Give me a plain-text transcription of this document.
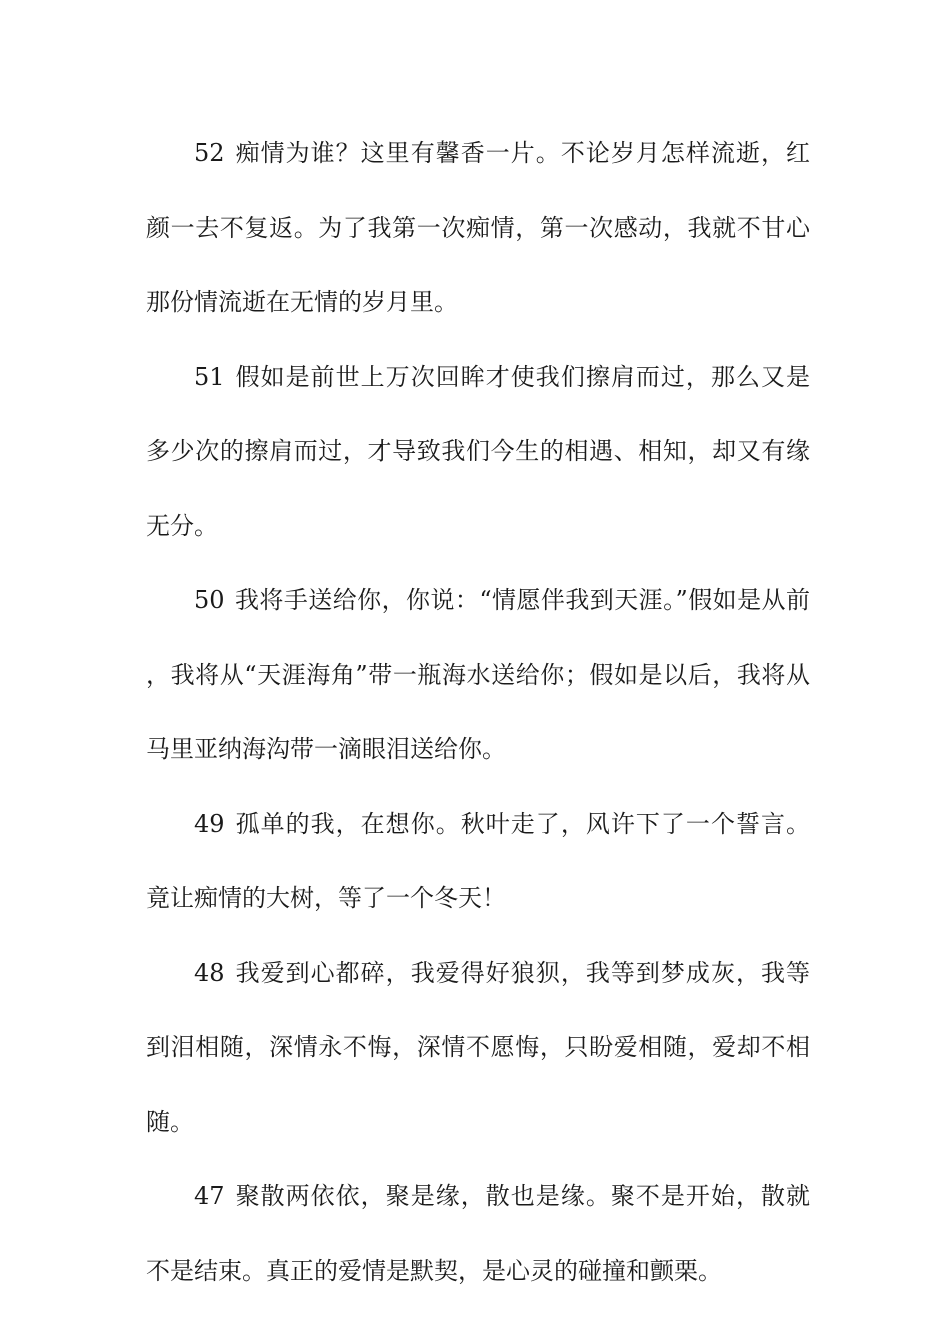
52 痴情为谁？这里有馨香一片。不论岁月怎样流逝，红颜一去不复返。为了我第一次痴情，第一次感动，我就不甘心那份情流逝在无情的岁月里。

51 假如是前世上万次回眸才使我们擦肩而过，那么又是多少次的擦肩而过，才导致我们今生的相遇、相知，却又有缘无分。

50 我将手送给你，你说：“情愿伴我到天涯。”假如是从前，我将从“天涯海角”带一瓶海水送给你；假如是以后，我将从马里亚纳海沟带一滴眼泪送给你。

49 孤单的我，在想你。秋叶走了，风许下了一个誓言。竟让痴情的大树，等了一个冬天！

48 我爱到心都碎，我爱得好狼狈，我等到梦成灰，我等到泪相随，深情永不悔，深情不愿悔，只盼爱相随，爱却不相随。

47 聚散两依依，聚是缘，散也是缘。聚不是开始，散就不是结束。真正的爱情是默契，是心灵的碰撞和颤栗。
